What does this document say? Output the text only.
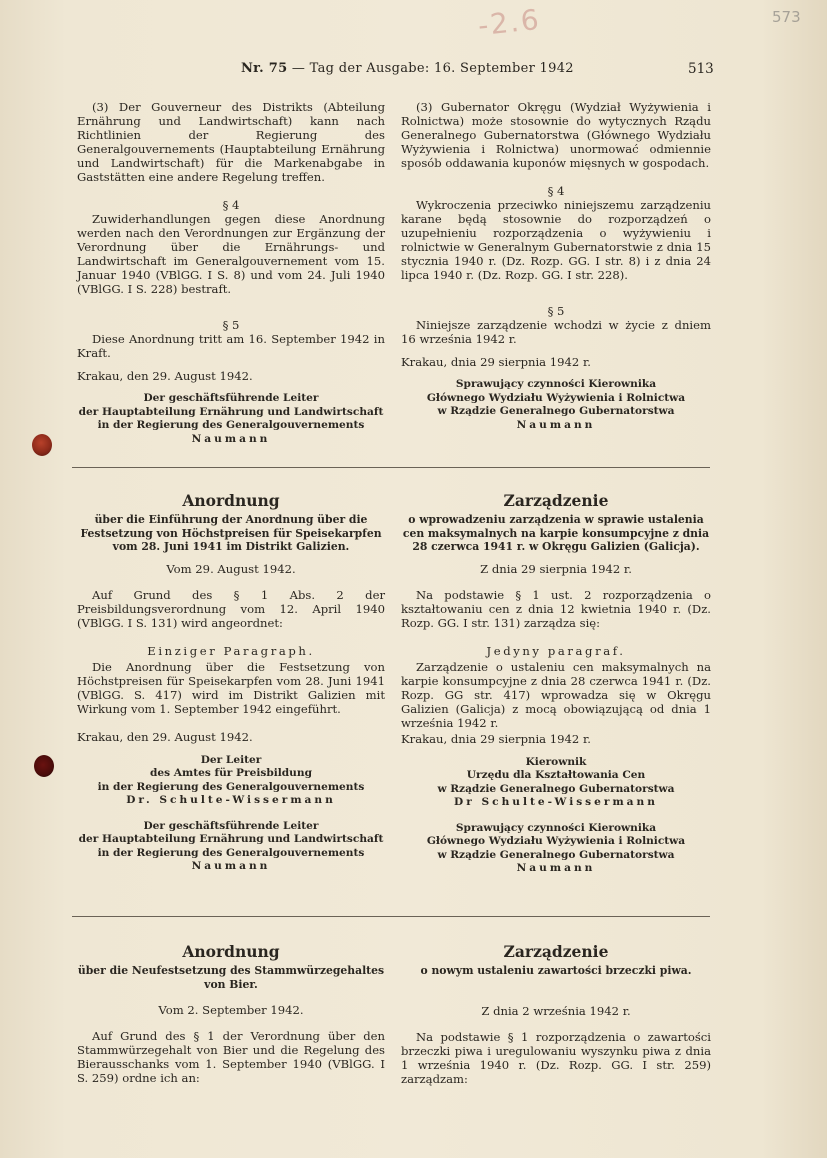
-2.6	573
Nr. 75 — Tag der Ausgabe: 16. September 1942	513

(3) Der Gouverneur des Distrikts (Abteilung Ernährung und Landwirtschaft) kann nach Richtlinien der Regierung des Generalgouvernements (Hauptabteilung Ernährung und Landwirtschaft) für die Markenabgabe in Gaststätten eine andere Regelung treffen.

§ 4

Zuwiderhandlungen gegen diese Anordnung werden nach den Verordnungen zur Ergänzung der Verordnung über die Ernährungs- und Landwirtschaft im Generalgouvernement vom 15. Januar 1940 (VBlGG. I S. 8) und vom 24. Juli 1940 (VBlGG. I S. 228) bestraft.

§ 5

Diese Anordnung tritt am 16. September 1942 in Kraft.

Krakau, den 29. August 1942.

Der geschäftsführende Leiter
der Hauptabteilung Ernährung und Landwirtschaft
in der Regierung des Generalgouvernements
Naumann

(3) Gubernator Okręgu (Wydział Wyżywienia i Rolnictwa) może stosownie do wytycznych Rządu Generalnego Gubernatorstwa (Głównego Wydziału Wyżywienia i Rolnictwa) unormować odmiennie sposób oddawania kuponów mięsnych w gospodach.

§ 4

Wykroczenia przeciwko niniejszemu zarządzeniu karane będą stosownie do rozporządzeń o uzupełnieniu rozporządzenia o wyżywieniu i rolnictwie w Generalnym Gubernatorstwie z dnia 15 stycznia 1940 r. (Dz. Rozp. GG. I str. 8) i z dnia 24 lipca 1940 r. (Dz. Rozp. GG. I str. 228).

§ 5

Niniejsze zarządzenie wchodzi w życie z dniem 16 września 1942 r.

Krakau, dnia 29 sierpnia 1942 r.

Sprawujący czynności Kierownika
Głównego Wydziału Wyżywienia i Rolnictwa
w Rządzie Generalnego Gubernatorstwa
Naumann
Anordnung
über die Einführung der Anordnung über die Festsetzung von Höchstpreisen für Speisekarpfen vom 28. Juni 1941 im Distrikt Galizien.
Vom 29. August 1942.

Auf Grund des § 1 Abs. 2 der Preisbildungsverordnung vom 12. April 1940 (VBlGG. I S. 131) wird angeordnet:

Einziger Paragraph.

Die Anordnung über die Festsetzung von Höchstpreisen für Speisekarpfen vom 28. Juni 1941 (VBlGG. S. 417) wird im Distrikt Galizien mit Wirkung vom 1. September 1942 eingeführt.

Krakau, den 29. August 1942.

Der Leiter
des Amtes für Preisbildung
in der Regierung des Generalgouvernements
Dr. Schulte-Wissermann
Der geschäftsführende Leiter
der Hauptabteilung Ernährung und Landwirtschaft
in der Regierung des Generalgouvernements
Naumann
Zarządzenie
o wprowadzeniu zarządzenia w sprawie ustalenia cen maksymalnych na karpie konsumpcyjne z dnia 28 czerwca 1941 r. w Okręgu Galizien (Galicja).
Z dnia 29 sierpnia 1942 r.

Na podstawie § 1 ust. 2 rozporządzenia o kształtowaniu cen z dnia 12 kwietnia 1940 r. (Dz. Rozp. GG. I str. 131) zarządza się:

Jedyny paragraf.

Zarządzenie o ustaleniu cen maksymalnych na karpie konsumpcyjne z dnia 28 czerwca 1941 r. (Dz. Rozp. GG str. 417) wprowadza się w Okręgu Galizien (Galicja) z mocą obowiązującą od dnia 1 września 1942 r.

Krakau, dnia 29 sierpnia 1942 r.

Kierownik
Urzędu dla Kształtowania Cen
w Rządzie Generalnego Gubernatorstwa
Dr Schulte-Wissermann
Sprawujący czynności Kierownika
Głównego Wydziału Wyżywienia i Rolnictwa
w Rządzie Generalnego Gubernatorstwa
Naumann
Anordnung
über die Neufestsetzung des Stammwürzegehaltes von Bier.
Vom 2. September 1942.

Auf Grund des § 1 der Verordnung über den Stammwürzegehalt von Bier und die Regelung des Bierausschanks vom 1. September 1940 (VBlGG. I S. 259) ordne ich an:

Zarządzenie
o nowym ustaleniu zawartości brzeczki piwa.
Z dnia 2 września 1942 r.

Na podstawie § 1 rozporządzenia o zawartości brzeczki piwa i uregulowaniu wyszynku piwa z dnia 1 września 1940 r. (Dz. Rozp. GG. I str. 259) zarządzam:
